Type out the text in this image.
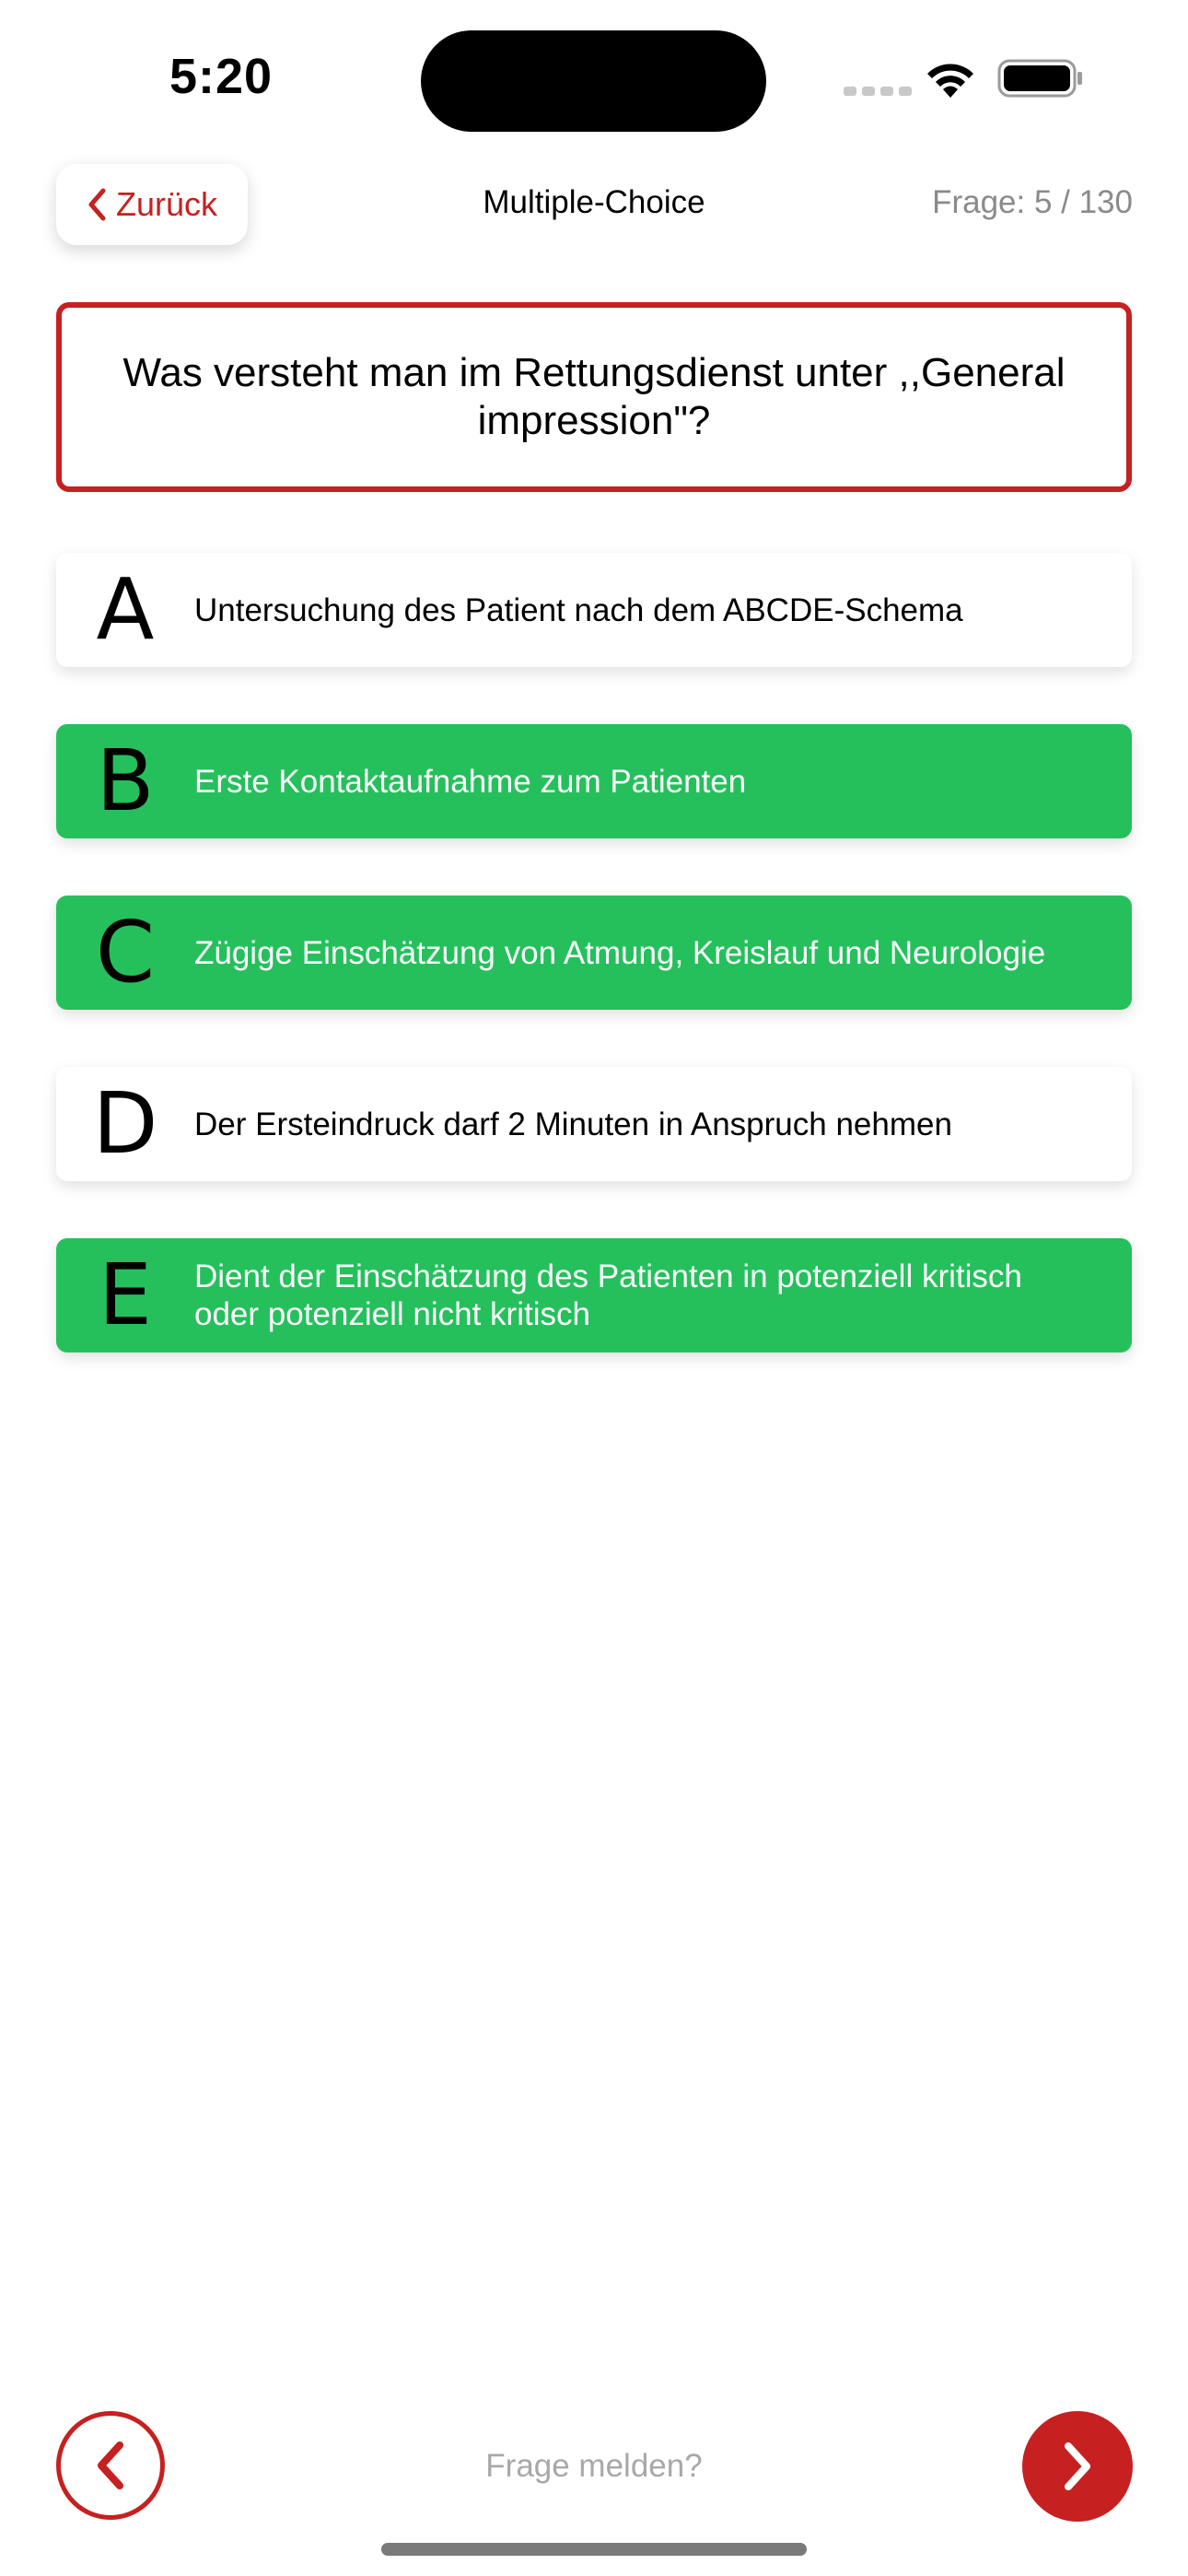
5:20
Zurück	Multiple-Choice	Frage: 5 / 130
Was versteht man im Rettungsdienst unter ,,General impression"?
A	Untersuchung des Patient nach dem ABCDE-Schema
B	Erste Kontaktaufnahme zum Patienten
C	Zügige Einschätzung von Atmung, Kreislauf und Neurologie
D	Der Ersteindruck darf 2 Minuten in Anspruch nehmen
E	Dient der Einschätzung des Patienten in potenziell kritisch oder potenziell nicht kritisch
Frage melden?
